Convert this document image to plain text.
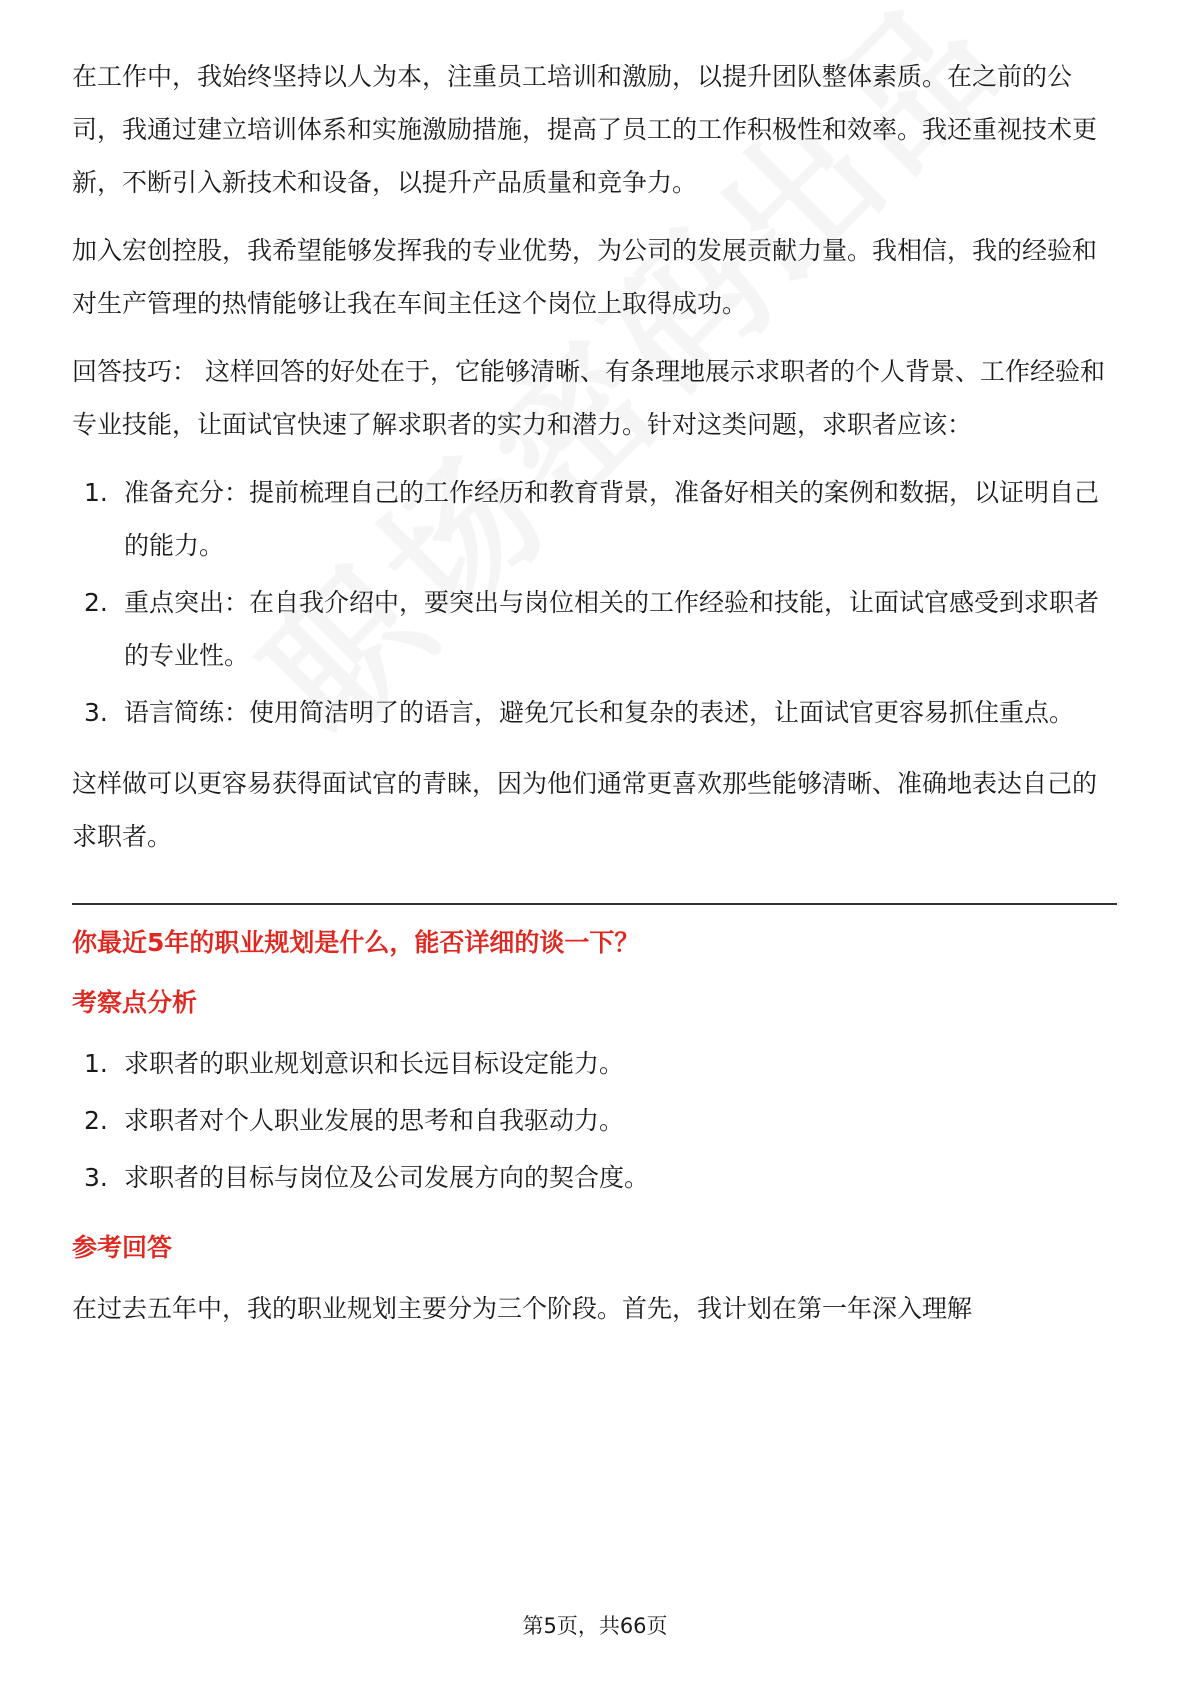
在工作中，我始终坚持以人为本，注重员工培训和激励，以提升团队整体素质。在之前的公司，我通过建立培训体系和实施激励措施，提高了员工的工作积极性和效率。我还重视技术更新，不断引入新技术和设备，以提升产品质量和竞争力。

加入宏创控股，我希望能够发挥我的专业优势，为公司的发展贡献力量。我相信，我的经验和对生产管理的热情能够让我在车间主任这个岗位上取得成功。

回答技巧： 这样回答的好处在于，它能够清晰、有条理地展示求职者的个人背景、工作经验和专业技能，让面试官快速了解求职者的实力和潜力。针对这类问题，求职者应该：

1. 准备充分：提前梳理自己的工作经历和教育背景，准备好相关的案例和数据，以证明自己的能力。
2. 重点突出：在自我介绍中，要突出与岗位相关的工作经验和技能，让面试官感受到求职者的专业性。
3. 语言简练：使用简洁明了的语言，避免冗长和复杂的表述，让面试官更容易抓住重点。

这样做可以更容易获得面试官的青睐，因为他们通常更喜欢那些能够清晰、准确地表达自己的求职者。

你最近5年的职业规划是什么，能否详细的谈一下？
考察点分析
1. 求职者的职业规划意识和长远目标设定能力。
2. 求职者对个人职业发展的思考和自我驱动力。
3. 求职者的目标与岗位及公司发展方向的契合度。
参考回答

在过去五年中，我的职业规划主要分为三个阶段。首先，我计划在第一年深入理解

第5页，共66页
